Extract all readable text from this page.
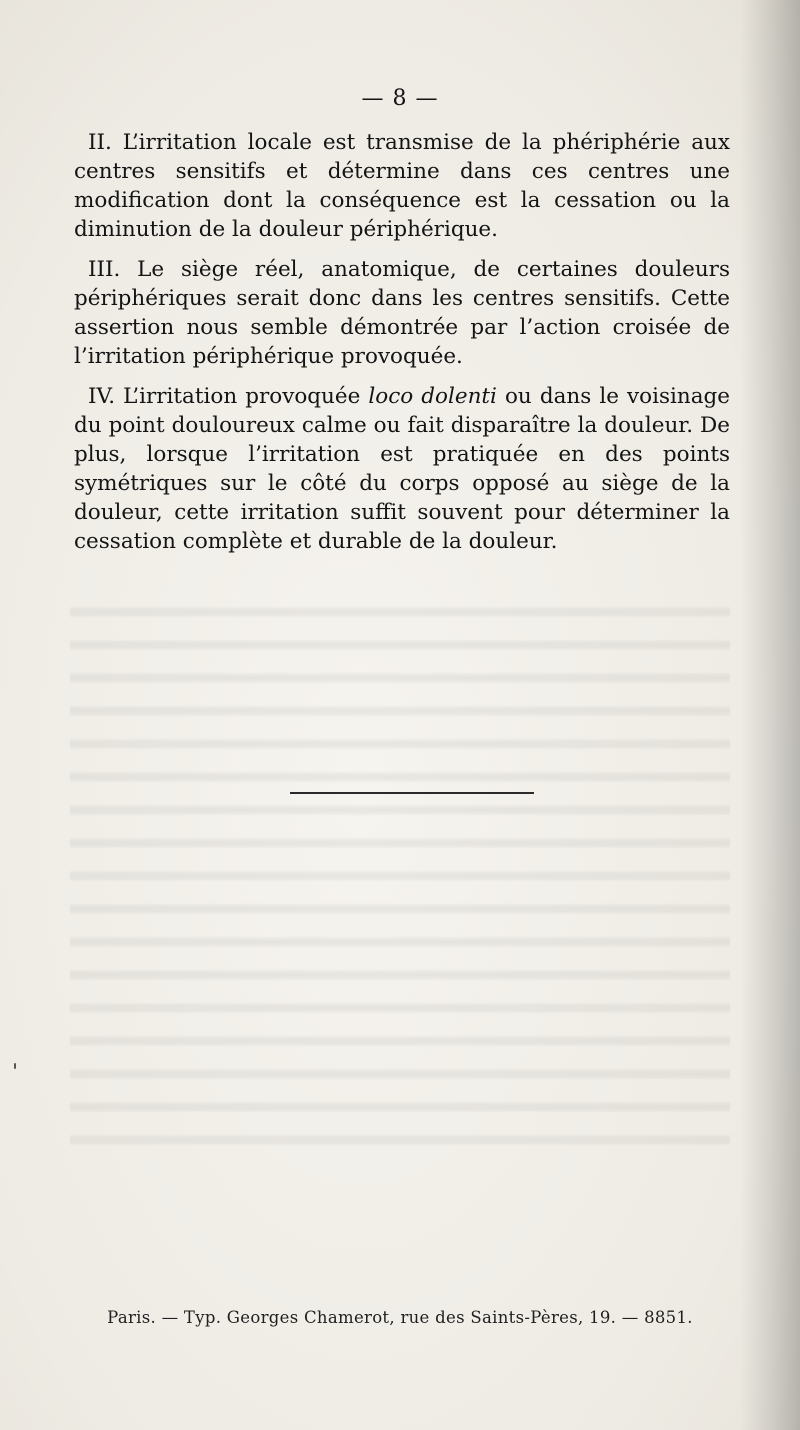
— 8 —

II. L’irritation locale est transmise de la phériphérie aux centres sensitifs et détermine dans ces centres une modification dont la conséquence est la cessation ou la diminution de la douleur périphérique.

III. Le siège réel, anatomique, de certaines douleurs périphériques serait donc dans les centres sensitifs. Cette assertion nous semble démontrée par l’action croisée de l’irritation périphérique provoquée.

IV. L’irritation provoquée loco dolenti ou dans le voisinage du point douloureux calme ou fait disparaître la douleur. De plus, lorsque l’irritation est pratiquée en des points symétriques sur le côté du corps opposé au siège de la douleur, cette irritation suffit souvent pour déterminer la cessation complète et durable de la douleur.

Paris. — Typ. Georges Chamerot, rue des Saints-Pères, 19. — 8851.
